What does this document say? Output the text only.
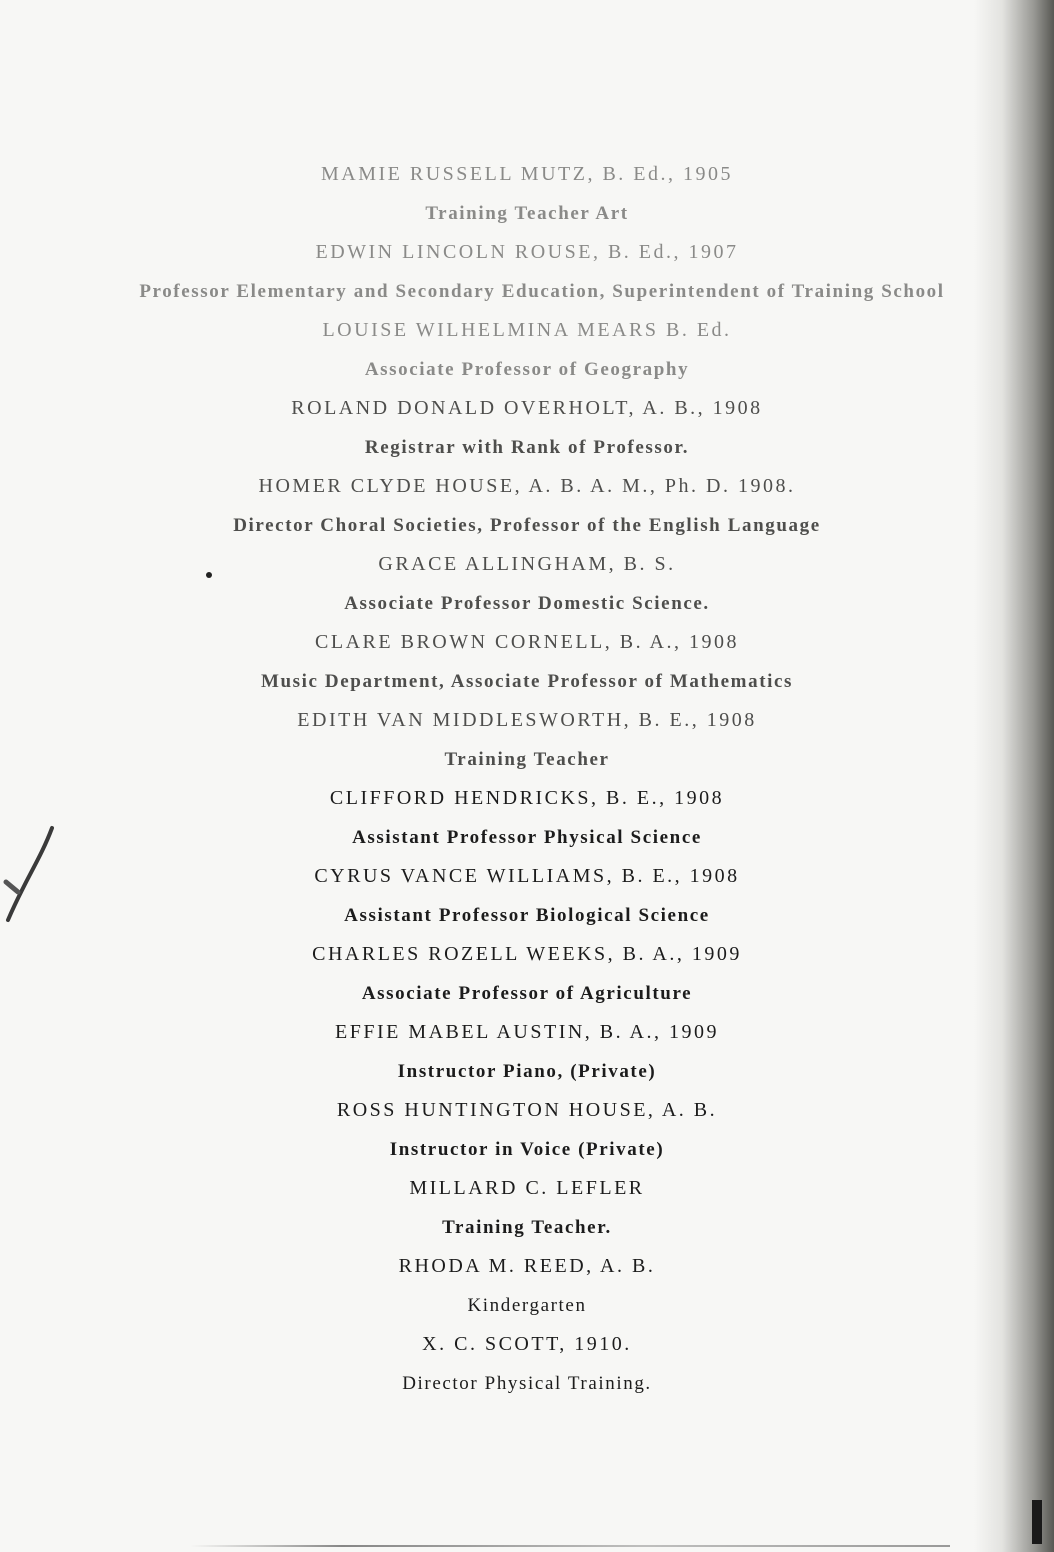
MAMIE RUSSELL MUTZ, B. Ed., 1905
Training Teacher Art
EDWIN LINCOLN ROUSE, B. Ed., 1907
Professor Elementary and Secondary Education, Superintendent of Training School
LOUISE WILHELMINA MEARS B. Ed.
Associate Professor of Geography
ROLAND DONALD OVERHOLT, A. B., 1908
Registrar with Rank of Professor.
HOMER CLYDE HOUSE, A. B. A. M., Ph. D. 1908.
Director Choral Societies, Professor of the English Language
GRACE ALLINGHAM, B. S.
Associate Professor Domestic Science.
CLARE BROWN CORNELL, B. A., 1908
Music Department, Associate Professor of Mathematics
EDITH VAN MIDDLESWORTH, B. E., 1908
Training Teacher
CLIFFORD HENDRICKS, B. E., 1908
Assistant Professor Physical Science
CYRUS VANCE WILLIAMS, B. E., 1908
Assistant Professor Biological Science
CHARLES ROZELL WEEKS, B. A., 1909
Associate Professor of Agriculture
EFFIE MABEL AUSTIN, B. A., 1909
Instructor Piano, (Private)
ROSS HUNTINGTON HOUSE, A. B.
Instructor in Voice (Private)
MILLARD C. LEFLER
Training Teacher.
RHODA M. REED, A. B.
Kindergarten
X. C. SCOTT, 1910.
Director Physical Training.
